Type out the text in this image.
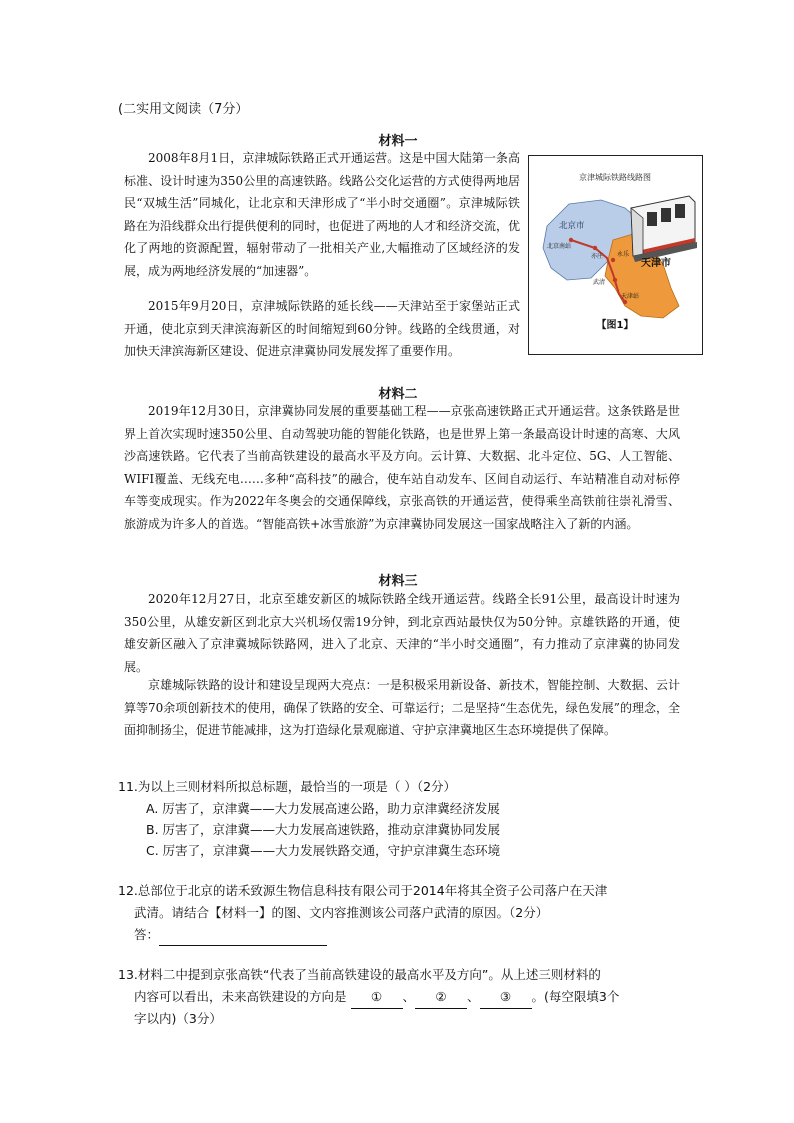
(二实用文阅读（7分）
材料一
2008年8月1日，京津城际铁路正式开通运营。这是中国大陆第一条高标准、设计时速为350公里的高速铁路。线路公交化运营的方式使得两地居民“双城生活”同城化，让北京和天津形成了“半小时交通圈”。京津城际铁路在为沿线群众出行提供便利的同时，也促进了两地的人才和经济交流，优化了两地的资源配置，辐射带动了一批相关产业,大幅推动了区域经济的发展，成为两地经济发展的“加速器”。
2015年9月20日，京津城际铁路的延长线——天津站至于家堡站正式开通，使北京到天津滨海新区的时间缩短到60分钟。线路的全线贯通，对加快天津滨海新区建设、促进京津冀协同发展发挥了重要作用。
京津城际铁路线路图
北京市
天津市
北京南站
亦庄 永乐
武清
天津站
【图1】
材料二
2019年12月30日，京津冀协同发展的重要基础工程——京张高速铁路正式开通运营。这条铁路是世界上首次实现时速350公里、自动驾驶功能的智能化铁路，也是世界上第一条最高设计时速的高寒、大风沙高速铁路。它代表了当前高铁建设的最高水平及方向。云计算、大数据、北斗定位、5G、人工智能、WIFI覆盖、无线充电……多种“高科技”的融合，使车站自动发车、区间自动运行、车站精准自动对标停车等变成现实。作为2022年冬奥会的交通保障线，京张高铁的开通运营，使得乘坐高铁前往崇礼滑雪、旅游成为许多人的首选。“智能高铁+冰雪旅游”为京津冀协同发展这一国家战略注入了新的内涵。
材料三
2020年12月27日，北京至雄安新区的城际铁路全线开通运营。线路全长91公里，最高设计时速为350公里，从雄安新区到北京大兴机场仅需19分钟，到北京西站最快仅为50分钟。京雄铁路的开通，使雄安新区融入了京津冀城际铁路网，进入了北京、天津的“半小时交通圈”，有力推动了京津冀的协同发展。
京雄城际铁路的设计和建设呈现两大亮点：一是积极采用新设备、新技术，智能控制、大数据、云计算等70余项创新技术的使用，确保了铁路的安全、可靠运行；二是坚持“生态优先，绿色发展”的理念，全面抑制扬尘，促进节能减排，这为打造绿化景观廊道、守护京津冀地区生态环境提供了保障。
11.为以上三则材料所拟总标题，最恰当的一项是（ ）（2分）
A. 厉害了，京津冀——大力发展高速公路，助力京津冀经济发展
B. 厉害了，京津冀——大力发展高速铁路，推动京津冀协同发展
C. 厉害了，京津冀——大力发展铁路交通，守护京津冀生态环境
12.总部位于北京的诺禾致源生物信息科技有限公司于2014年将其全资子公司落户在天津
武清。请结合【材料一】的图、文内容推测该公司落户武清的原因。（2分）
答：
13.材料二中提到京张高铁“代表了当前高铁建设的最高水平及方向”。从上述三则材料的
内容可以看出，未来高铁建设的方向是 ① 、 ② 、 ③ 。(每空限填3个
字以内)（3分）
